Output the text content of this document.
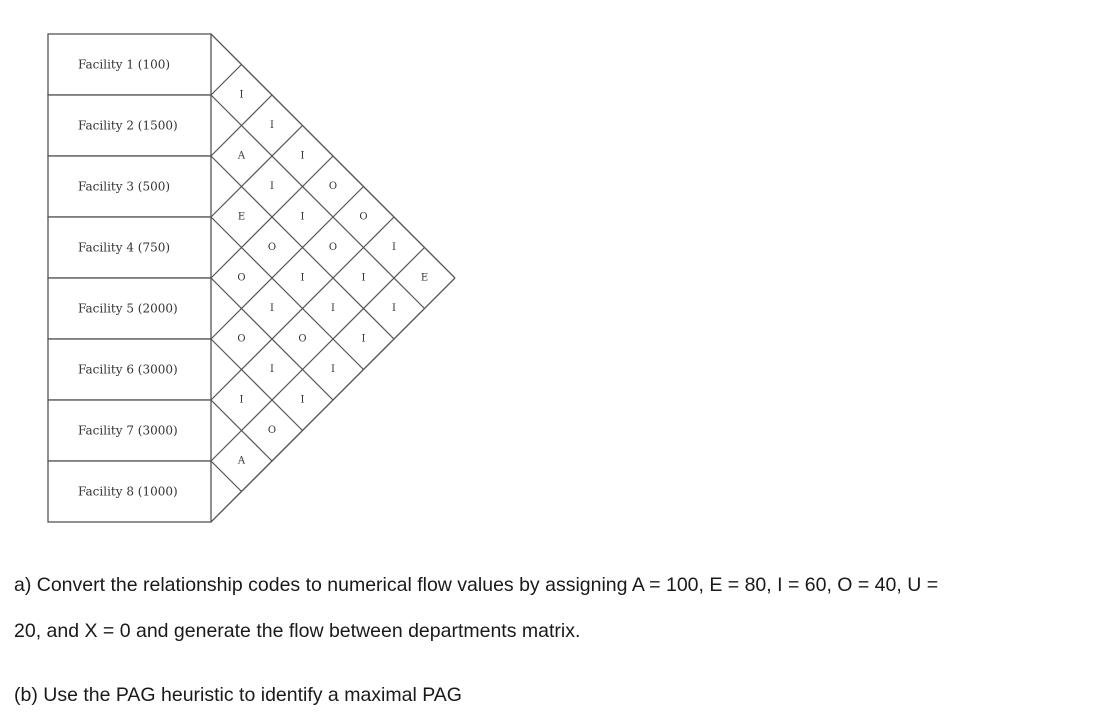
Facility 1 (100)
Facility 2 (1500)
Facility 3 (500)
Facility 4 (750)
Facility 5 (2000)
Facility 6 (3000)
Facility 7 (3000)
Facility 8 (1000)
I
I
I
O
O
I
E
A
I
I
O
I
I
E
O
I
I
I
O
I
O
I
O
I
I
I
O
A

a) Convert the relationship codes to numerical flow values by assigning A = 100, E = 80, I = 60, O = 40, U =

20, and X = 0 and generate the flow between departments matrix.

(b) Use the PAG heuristic to identify a maximal PAG
